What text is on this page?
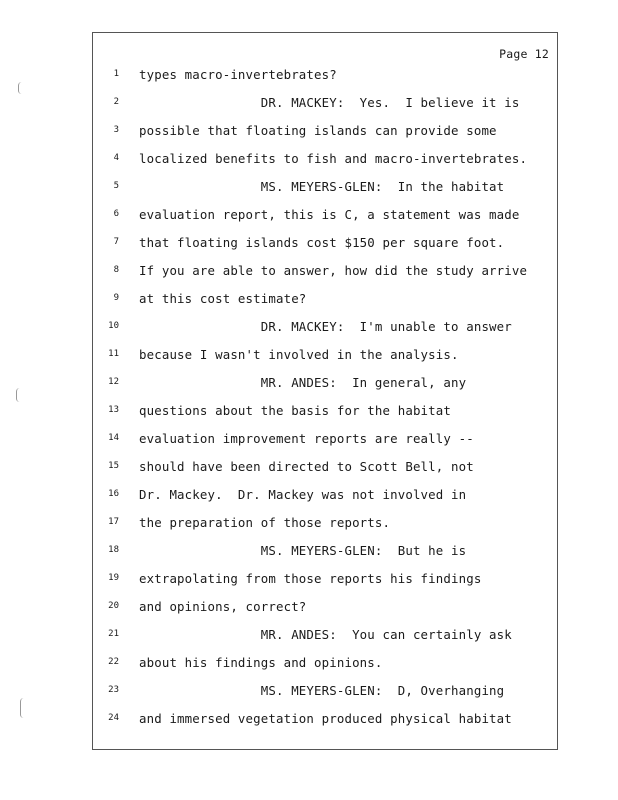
Page 12
1 types macro-invertebrates?
2 DR. MACKEY:  Yes.  I believe it is
3 possible that floating islands can provide some
4 localized benefits to fish and macro-invertebrates.
5 MS. MEYERS-GLEN:  In the habitat
6 evaluation report, this is C, a statement was made
7 that floating islands cost $150 per square foot.
8 If you are able to answer, how did the study arrive
9 at this cost estimate?
10 DR. MACKEY:  I'm unable to answer
11 because I wasn't involved in the analysis.
12 MR. ANDES:  In general, any
13 questions about the basis for the habitat
14 evaluation improvement reports are really --
15 should have been directed to Scott Bell, not
16 Dr. Mackey.  Dr. Mackey was not involved in
17 the preparation of those reports.
18 MS. MEYERS-GLEN:  But he is
19 extrapolating from those reports his findings
20 and opinions, correct?
21 MR. ANDES:  You can certainly ask
22 about his findings and opinions.
23 MS. MEYERS-GLEN:  D, Overhanging
24 and immersed vegetation produced physical habitat
